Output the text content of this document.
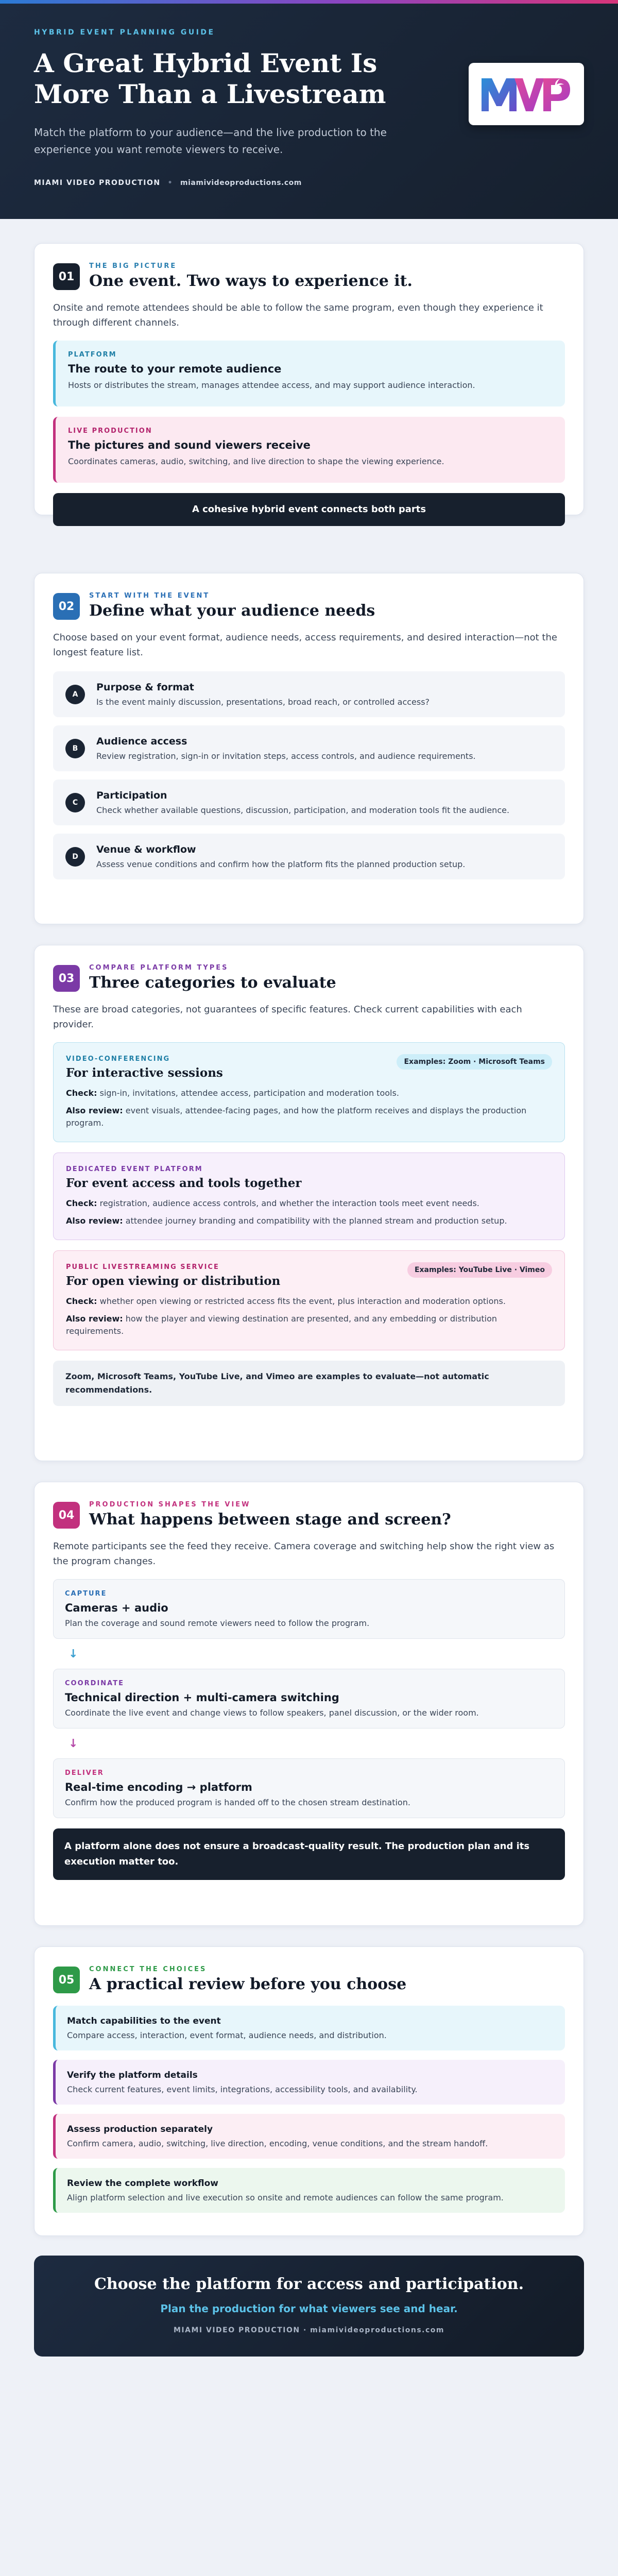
HYBRID EVENT PLANNING GUIDE
A Great Hybrid Event Is More Than a Livestream
Match the platform to your audience—and the live production to the experience you want remote viewers to receive.
MIAMI VIDEO PRODUCTION • miamivideoproductions.com
01
THE BIG PICTURE
One event. Two ways to experience it.
Onsite and remote attendees should be able to follow the same program, even though they experience it through different channels.
PLATFORM
The route to your remote audience
Hosts or distributes the stream, manages attendee access, and may support audience interaction.
LIVE PRODUCTION
The pictures and sound viewers receive
Coordinates cameras, audio, switching, and live direction to shape the viewing experience.
A cohesive hybrid event connects both parts
02
START WITH THE EVENT
Define what your audience needs
Choose based on your event format, audience needs, access requirements, and desired interaction—not the longest feature list.
A
Purpose & format
Is the event mainly discussion, presentations, broad reach, or controlled access?
B
Audience access
Review registration, sign-in or invitation steps, access controls, and audience requirements.
C
Participation
Check whether available questions, discussion, participation, and moderation tools fit the audience.
D
Venue & workflow
Assess venue conditions and confirm how the platform fits the planned production setup.
03
COMPARE PLATFORM TYPES
Three categories to evaluate
These are broad categories, not guarantees of specific features. Check current capabilities with each provider.
Examples: Zoom · Microsoft Teams
VIDEO-CONFERENCING
For interactive sessions
Check: sign-in, invitations, attendee access, participation and moderation tools.
Also review: event visuals, attendee-facing pages, and how the platform receives and displays the production program.
DEDICATED EVENT PLATFORM
For event access and tools together
Check: registration, audience access controls, and whether the interaction tools meet event needs.
Also review: attendee journey branding and compatibility with the planned stream and production setup.
Examples: YouTube Live · Vimeo
PUBLIC LIVESTREAMING SERVICE
For open viewing or distribution
Check: whether open viewing or restricted access fits the event, plus interaction and moderation options.
Also review: how the player and viewing destination are presented, and any embedding or distribution requirements.
Zoom, Microsoft Teams, YouTube Live, and Vimeo are examples to evaluate—not automatic recommendations.
04
PRODUCTION SHAPES THE VIEW
What happens between stage and screen?
Remote participants see the feed they receive. Camera coverage and switching help show the right view as the program changes.
CAPTURE
Cameras + audio
Plan the coverage and sound remote viewers need to follow the program.
↓
COORDINATE
Technical direction + multi-camera switching
Coordinate the live event and change views to follow speakers, panel discussion, or the wider room.
↓
DELIVER
Real-time encoding → platform
Confirm how the produced program is handed off to the chosen stream destination.
A platform alone does not ensure a broadcast-quality result. The production plan and its execution matter too.
05
CONNECT THE CHOICES
A practical review before you choose
Match capabilities to the event
Compare access, interaction, event format, audience needs, and distribution.
Verify the platform details
Check current features, event limits, integrations, accessibility tools, and availability.
Assess production separately
Confirm camera, audio, switching, live direction, encoding, venue conditions, and the stream handoff.
Review the complete workflow
Align platform selection and live execution so onsite and remote audiences can follow the same program.
Choose the platform for access and participation.
Plan the production for what viewers see and hear.
MIAMI VIDEO PRODUCTION · miamivideoproductions.com
